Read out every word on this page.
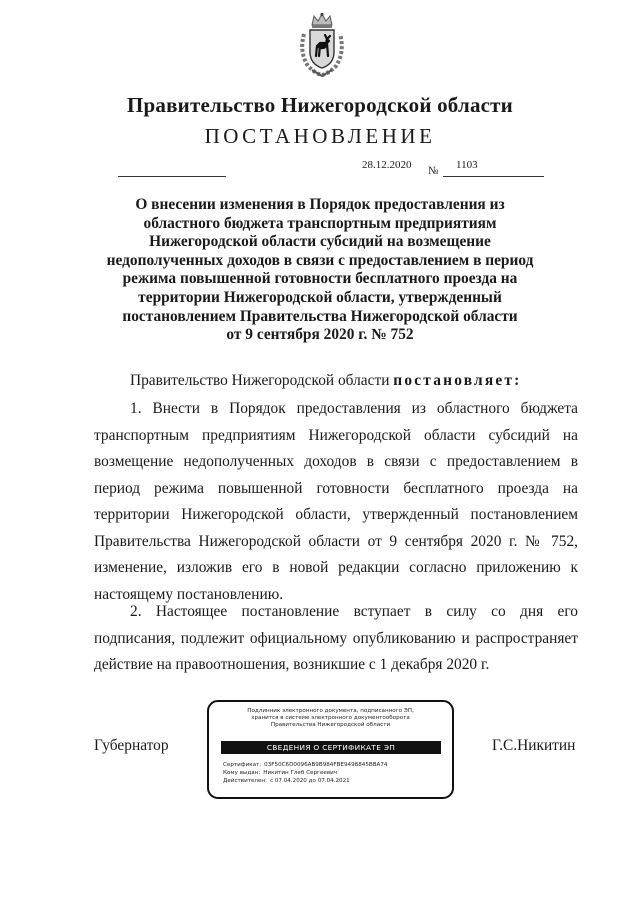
Правительство Нижегородской области
ПОСТАНОВЛЕНИЕ
28.12.2020 № 1103
О внесении изменения в Порядок предоставления из
областного бюджета транспортным предприятиям
Нижегородской области субсидий на возмещение
недополученных доходов в связи с предоставлением в период
режима повышенной готовности бесплатного проезда на
территории Нижегородской области, утвержденный
постановлением Правительства Нижегородской области
от 9 сентября 2020 г. № 752
Правительство Нижегородской области постановляет:
1. Внести в Порядок предоставления из областного бюджета транспортным предприятиям Нижегородской области субсидий на возмещение недополученных доходов в связи с предоставлением в период режима повышенной готовности бесплатного проезда на территории Нижегородской области, утвержденный постановлением Правительства Нижегородской области от 9 сентября 2020 г. № 752, изменение, изложив его в новой редакции согласно приложению к настоящему постановлению.
2. Настоящее постановление вступает в силу со дня его подписания, подлежит официальному опубликованию и распространяет действие на правоотношения, возникшие с 1 декабря 2020 г.
Губернатор
Подлинник электронного документа, подписанного ЭП,
хранится в системе электронного документооборота
Правительства Нижегородской области
СВЕДЕНИЯ О СЕРТИФИКАТЕ ЭП
Сертификат: 03F50C6D0096AB9B984FBE9498845BBA74
Кому выдан: Никитин Глеб Сергеевич
Действителен: с 07.04.2020 до 07.04.2021
Г.С.Никитин
